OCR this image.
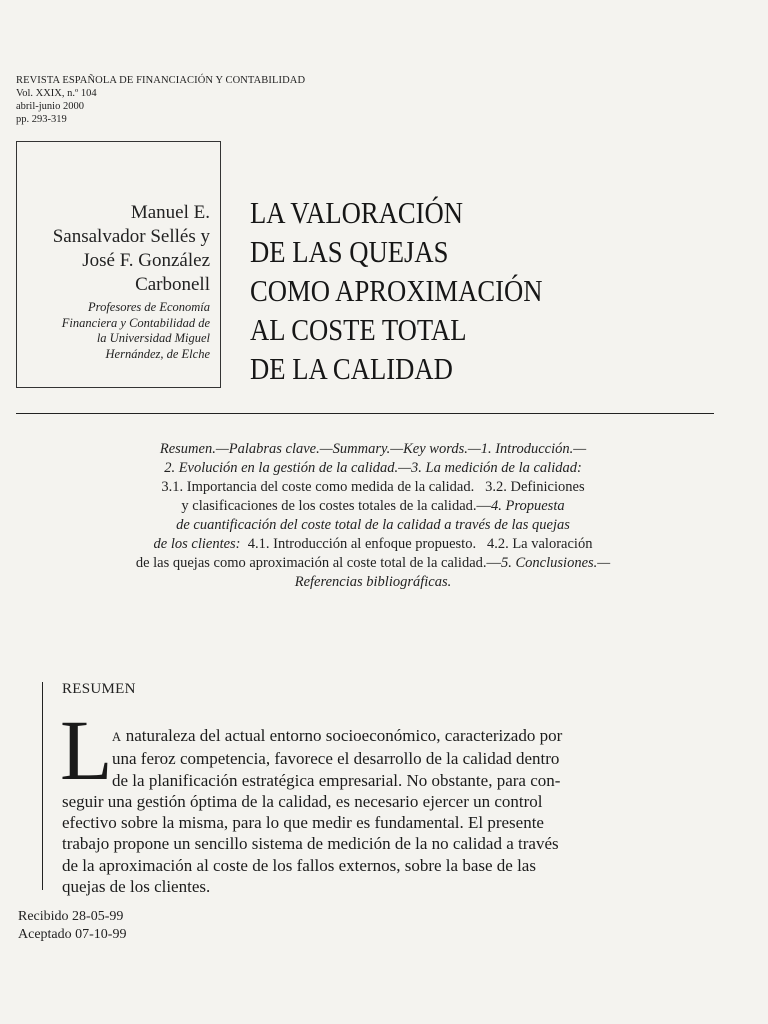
REVISTA ESPAÑOLA DE FINANCIACIÓN Y CONTABILIDAD
Vol. XXIX, n.º 104
abril-junio 2000
pp. 293-319
Manuel E.
Sansalvador Sellés y
José F. González
Carbonell
Profesores de Economía
Financiera y Contabilidad de
la Universidad Miguel
Hernández, de Elche
LA VALORACIÓN
DE LAS QUEJAS
COMO APROXIMACIÓN
AL COSTE TOTAL
DE LA CALIDAD
Resumen.—Palabras clave.—Summary.—Key words.—1. Introducción.—
2. Evolución en la gestión de la calidad.—3. La medición de la calidad:
3.1. Importancia del coste como medida de la calidad.   3.2. Definiciones
y clasificaciones de los costes totales de la calidad.—4. Propuesta
de cuantificación del coste total de la calidad a través de las quejas
de los clientes:  4.1. Introducción al enfoque propuesto.   4.2. La valoración
de las quejas como aproximación al coste total de la calidad.—5. Conclusiones.—
Referencias bibliográficas.
RESUMEN
L A naturaleza del actual entorno socioeconómico, caracterizado por
una feroz competencia, favorece el desarrollo de la calidad dentro
de la planificación estratégica empresarial. No obstante, para con-
seguir una gestión óptima de la calidad, es necesario ejercer un control
efectivo sobre la misma, para lo que medir es fundamental. El presente
trabajo propone un sencillo sistema de medición de la no calidad a través
de la aproximación al coste de los fallos externos, sobre la base de las
quejas de los clientes.
Recibido 28-05-99
Aceptado 07-10-99
